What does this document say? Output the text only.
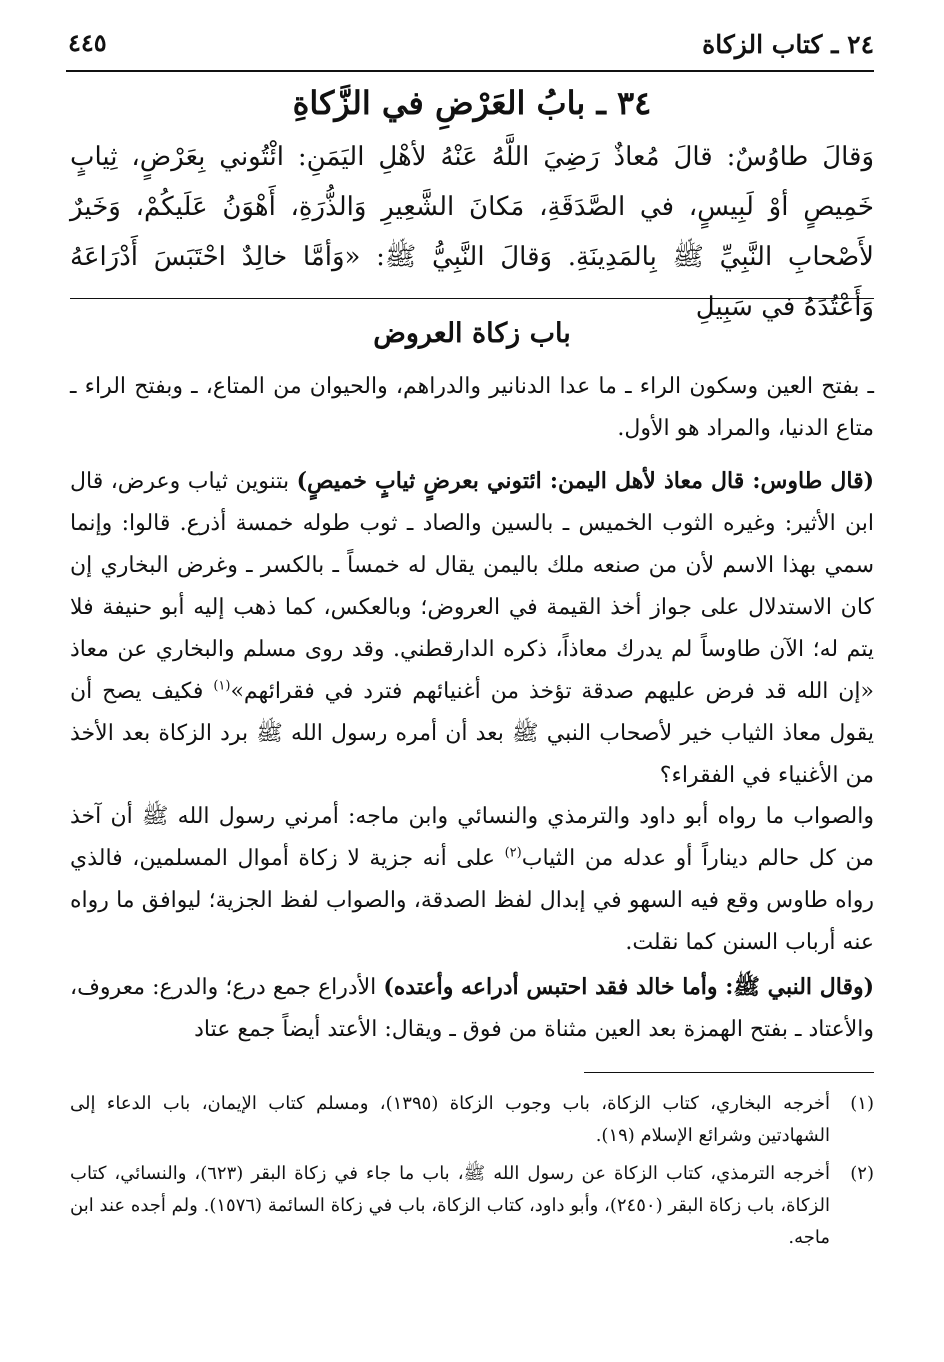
٢٤ ـ كتاب الزكاة
٤٤٥
٣٤ ـ بابُ العَرْضِ في الزَّكاةِ
وَقالَ طاوُسٌ: قالَ مُعاذٌ رَضِيَ اللَّهُ عَنْهُ لأهْلِ اليَمَنِ: ائْتُوني بِعَرْضٍ، ثِيابٍ خَمِيصٍ أوْ لَبِيسٍ، في الصَّدَقَةِ، مَكانَ الشَّعِيرِ وَالذُّرَةِ، أَهْوَنُ عَلَيكُمْ، وَخَيرٌ لأَصْحابِ النَّبِيِّ ﷺ بِالمَدِينَةِ. وَقالَ النَّبِيُّ ﷺ: «وَأمَّا خالِدٌ احْتَبَسَ أَدْرَاعَهُ وَأَعْتُدَهُ في سَبِيلِ
باب زكاة العروض
ـ بفتح العين وسكون الراء ـ ما عدا الدنانير والدراهم، والحيوان من المتاع، ـ وبفتح الراء ـ متاع الدنيا، والمراد هو الأول.
(قال طاوس: قال معاذ لأهل اليمن: ائتوني بعرضٍ ثيابٍ خميصٍ) بتنوين ثياب وعرض، قال ابن الأثير: وغيره الثوب الخميس ـ بالسين والصاد ـ ثوب طوله خمسة أذرع. قالوا: وإنما سمي بهذا الاسم لأن من صنعه ملك باليمن يقال له خمساً ـ بالكسر ـ وغرض البخاري إن كان الاستدلال على جواز أخذ القيمة في العروض؛ وبالعكس، كما ذهب إليه أبو حنيفة فلا يتم له؛ الآن طاوساً لم يدرك معاذاً، ذكره الدارقطني. وقد روى مسلم والبخاري عن معاذ «إن الله قد فرض عليهم صدقة تؤخذ من أغنيائهم فترد في فقرائهم»$^{(١)}$ فكيف يصح أن يقول معاذ الثياب خير لأصحاب النبي ﷺ بعد أن أمره رسول الله ﷺ برد الزكاة بعد الأخذ من الأغنياء في الفقراء؟
والصواب ما رواه أبو داود والترمذي والنسائي وابن ماجه: أمرني رسول الله ﷺ أن آخذ من كل حالم ديناراً أو عدله من الثياب$^{(٢)}$ على أنه جزية لا زكاة أموال المسلمين، فالذي رواه طاوس وقع فيه السهو في إبدال لفظ الصدقة، والصواب لفظ الجزية؛ ليوافق ما رواه عنه أرباب السنن كما نقلت.
(وقال النبي ﷺ: وأما خالد فقد احتبس أدراعه وأعتده) الأدراع جمع درع؛ والدرع: معروف، والأعتاد ـ بفتح الهمزة بعد العين مثناة من فوق ـ ويقال: الأعتد أيضاً جمع عتاد
(١)
أخرجه البخاري، كتاب الزكاة، باب وجوب الزكاة (١٣٩٥)، ومسلم كتاب الإيمان، باب الدعاء إلى الشهادتين وشرائع الإسلام (١٩).
(٢)
أخرجه الترمذي، كتاب الزكاة عن رسول الله ﷺ، باب ما جاء في زكاة البقر (٦٢٣)، والنسائي، كتاب الزكاة، باب زكاة البقر (٢٤٥٠)، وأبو داود، كتاب الزكاة، باب في زكاة السائمة (١٥٧٦). ولم أجده عند ابن ماجه.
